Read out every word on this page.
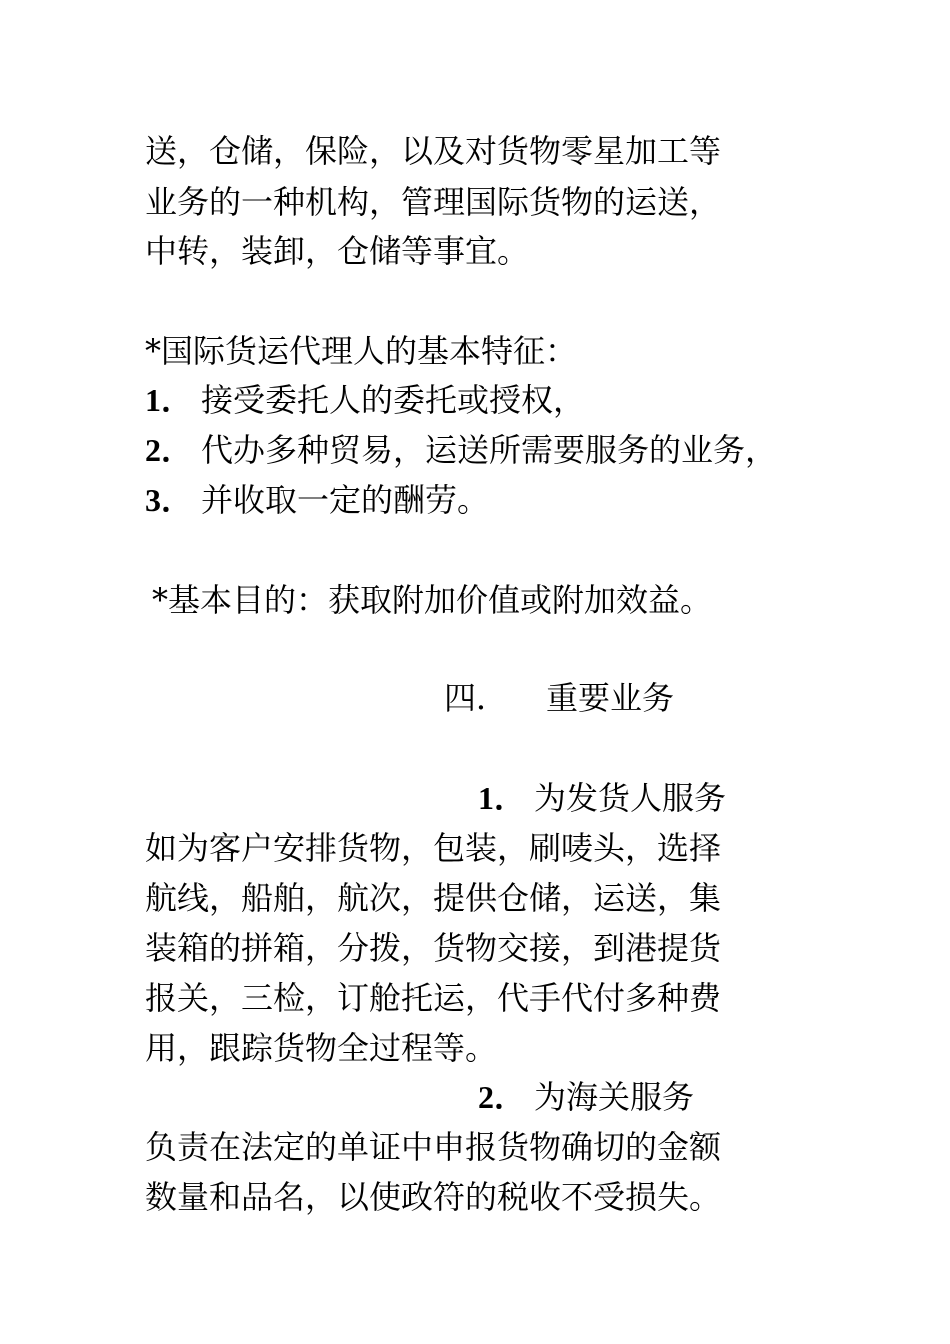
送，仓储，保险，以及对货物零星加工等
业务的一种机构，管理国际货物的运送，
中转，装卸，仓储等事宜。
*国际货运代理人的基本特征：
1． 接受委托人的委托或授权，
2． 代办多种贸易，运送所需要服务的业务，
3． 并收取一定的酬劳。
*基本目的：获取附加价值或附加效益。
四． 重要业务
1． 为发货人服务
如为客户安排货物，包装，刷唛头，选择
航线，船舶，航次，提供仓储，运送，集
装箱的拼箱，分拨，货物交接，到港提货
报关，三检，订舱托运，代手代付多种费
用，跟踪货物全过程等。
2． 为海关服务
负责在法定的单证中申报货物确切的金额
数量和品名，以使政符的税收不受损失。
